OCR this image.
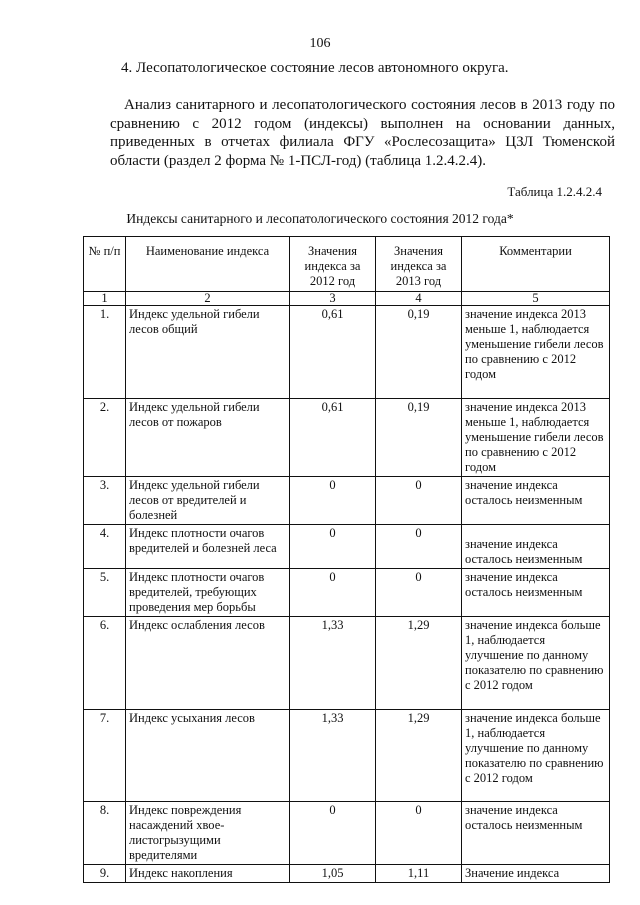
106
4. Лесопатологическое состояние лесов автономного округа.
Анализ санитарного и лесопатологического состояния лесов в 2013 году по сравнению с 2012 годом (индексы) выполнен на основании данных, приведенных в отчетах филиала ФГУ «Рослесозащита» ЦЗЛ Тюменской области (раздел 2 форма № 1-ПСЛ-год) (таблица 1.2.4.2.4).
Таблица 1.2.4.2.4
Индексы санитарного и лесопатологического состояния 2012 года*
№ п/п	Наименование индекса	Значения индекса за 2012 год	Значения индекса за 2013 год	Комментарии
1	2	3	4	5
1.	Индекс удельной гибели лесов общий	0,61	0,19	значение индекса 2013 меньше 1, наблюдается уменьшение гибели лесов по сравнению с 2012 годом
2.	Индекс удельной гибели лесов от пожаров	0,61	0,19	значение индекса 2013 меньше 1, наблюдается уменьшение гибели лесов по сравнению с 2012 годом
3.	Индекс удельной гибели лесов от вредителей и болезней	0	0	значение индекса осталось неизменным
4.	Индекс плотности очагов вредителей и болезней леса	0	0	значение индекса осталось неизменным
5.	Индекс плотности очагов вредителей, требующих проведения мер борьбы	0	0	значение индекса осталось неизменным
6.	Индекс ослабления лесов	1,33	1,29	значение индекса больше 1, наблюдается улучшение по данному показателю по сравнению с 2012 годом
7.	Индекс усыхания лесов	1,33	1,29	значение индекса больше 1, наблюдается улучшение по данному показателю по сравнению с 2012 годом
8.	Индекс повреждения насаждений хвое-листогрызущими вредителями	0	0	значение индекса осталось неизменным
9.	Индекс накопления	1,05	1,11	Значение индекса
